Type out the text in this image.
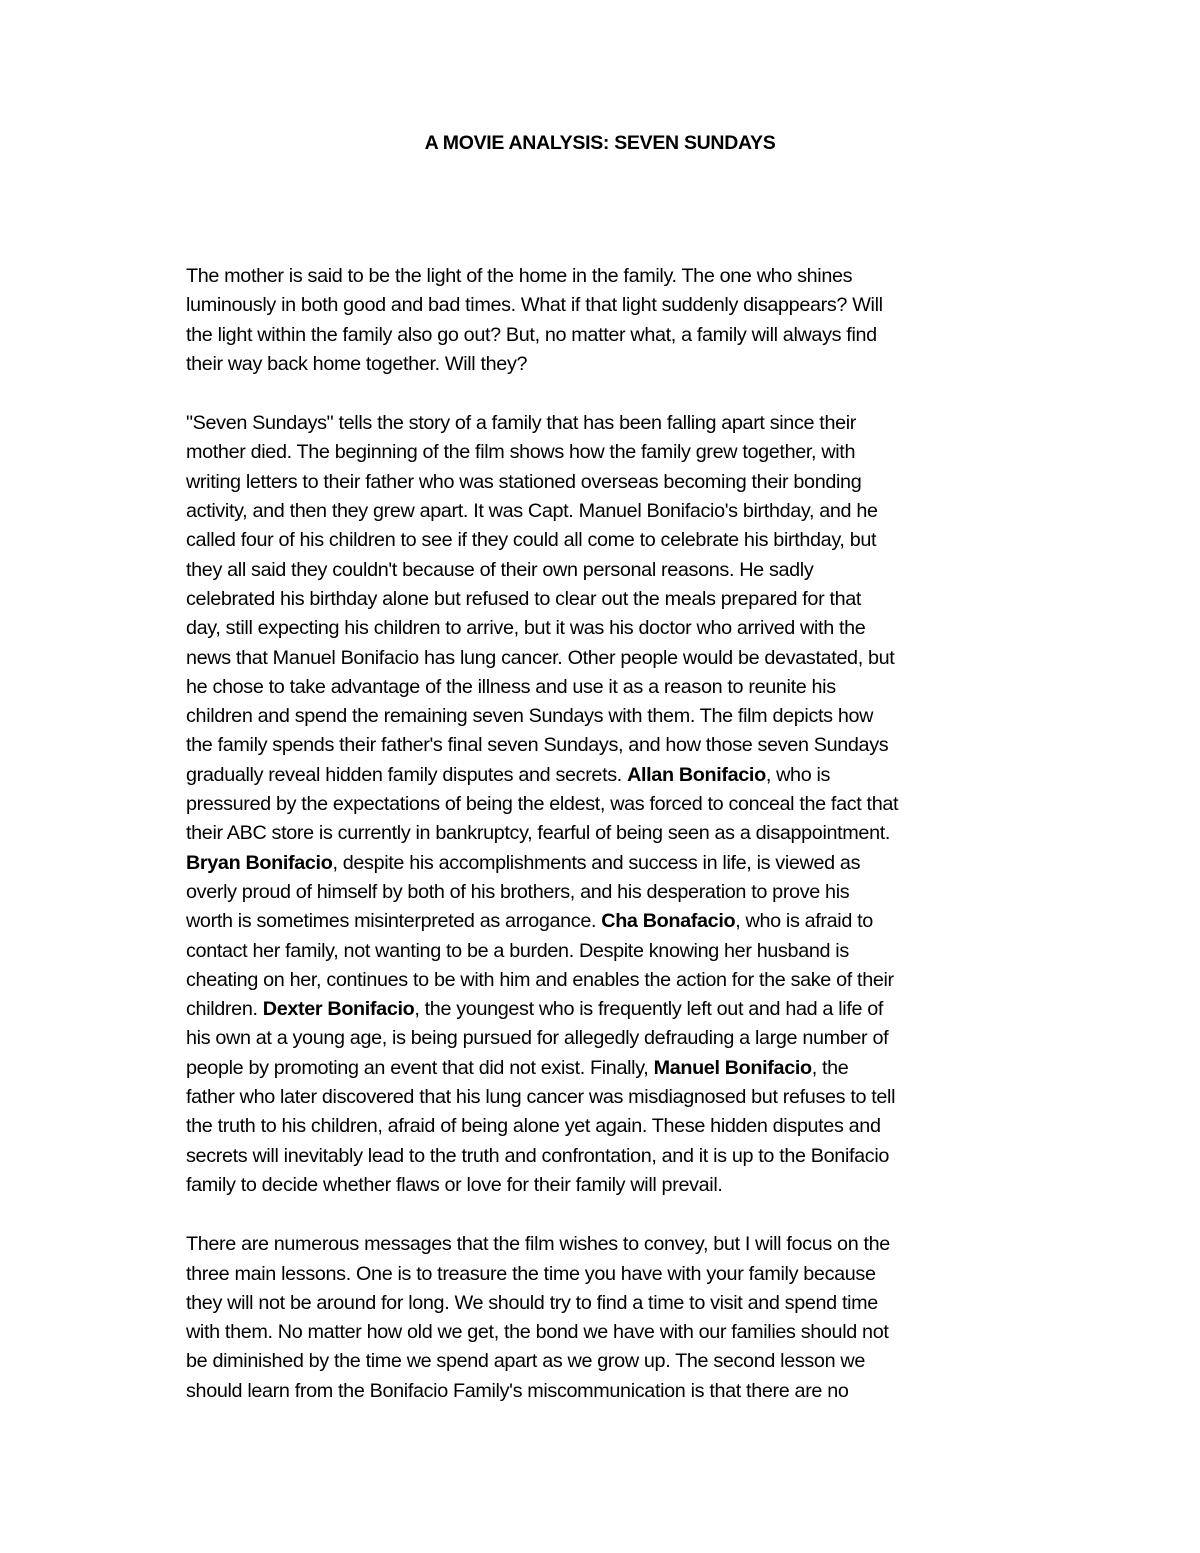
A MOVIE ANALYSIS: SEVEN SUNDAYS

The mother is said to be the light of the home in the family. The one who shines
luminously in both good and bad times. What if that light suddenly disappears? Will
the light within the family also go out? But, no matter what, a family will always find
their way back home together. Will they?

"Seven Sundays" tells the story of a family that has been falling apart since their
mother died. The beginning of the film shows how the family grew together, with
writing letters to their father who was stationed overseas becoming their bonding
activity, and then they grew apart. It was Capt. Manuel Bonifacio's birthday, and he
called four of his children to see if they could all come to celebrate his birthday, but
they all said they couldn't because of their own personal reasons. He sadly
celebrated his birthday alone but refused to clear out the meals prepared for that
day, still expecting his children to arrive, but it was his doctor who arrived with the
news that Manuel Bonifacio has lung cancer. Other people would be devastated, but
he chose to take advantage of the illness and use it as a reason to reunite his
children and spend the remaining seven Sundays with them. The film depicts how
the family spends their father's final seven Sundays, and how those seven Sundays
gradually reveal hidden family disputes and secrets. Allan Bonifacio, who is
pressured by the expectations of being the eldest, was forced to conceal the fact that
their ABC store is currently in bankruptcy, fearful of being seen as a disappointment.
Bryan Bonifacio, despite his accomplishments and success in life, is viewed as
overly proud of himself by both of his brothers, and his desperation to prove his
worth is sometimes misinterpreted as arrogance. Cha Bonafacio, who is afraid to
contact her family, not wanting to be a burden. Despite knowing her husband is
cheating on her, continues to be with him and enables the action for the sake of their
children. Dexter Bonifacio, the youngest who is frequently left out and had a life of
his own at a young age, is being pursued for allegedly defrauding a large number of
people by promoting an event that did not exist. Finally, Manuel Bonifacio, the
father who later discovered that his lung cancer was misdiagnosed but refuses to tell
the truth to his children, afraid of being alone yet again. These hidden disputes and
secrets will inevitably lead to the truth and confrontation, and it is up to the Bonifacio
family to decide whether flaws or love for their family will prevail.

There are numerous messages that the film wishes to convey, but I will focus on the
three main lessons. One is to treasure the time you have with your family because
they will not be around for long. We should try to find a time to visit and spend time
with them. No matter how old we get, the bond we have with our families should not
be diminished by the time we spend apart as we grow up. The second lesson we
should learn from the Bonifacio Family's miscommunication is that there are no
